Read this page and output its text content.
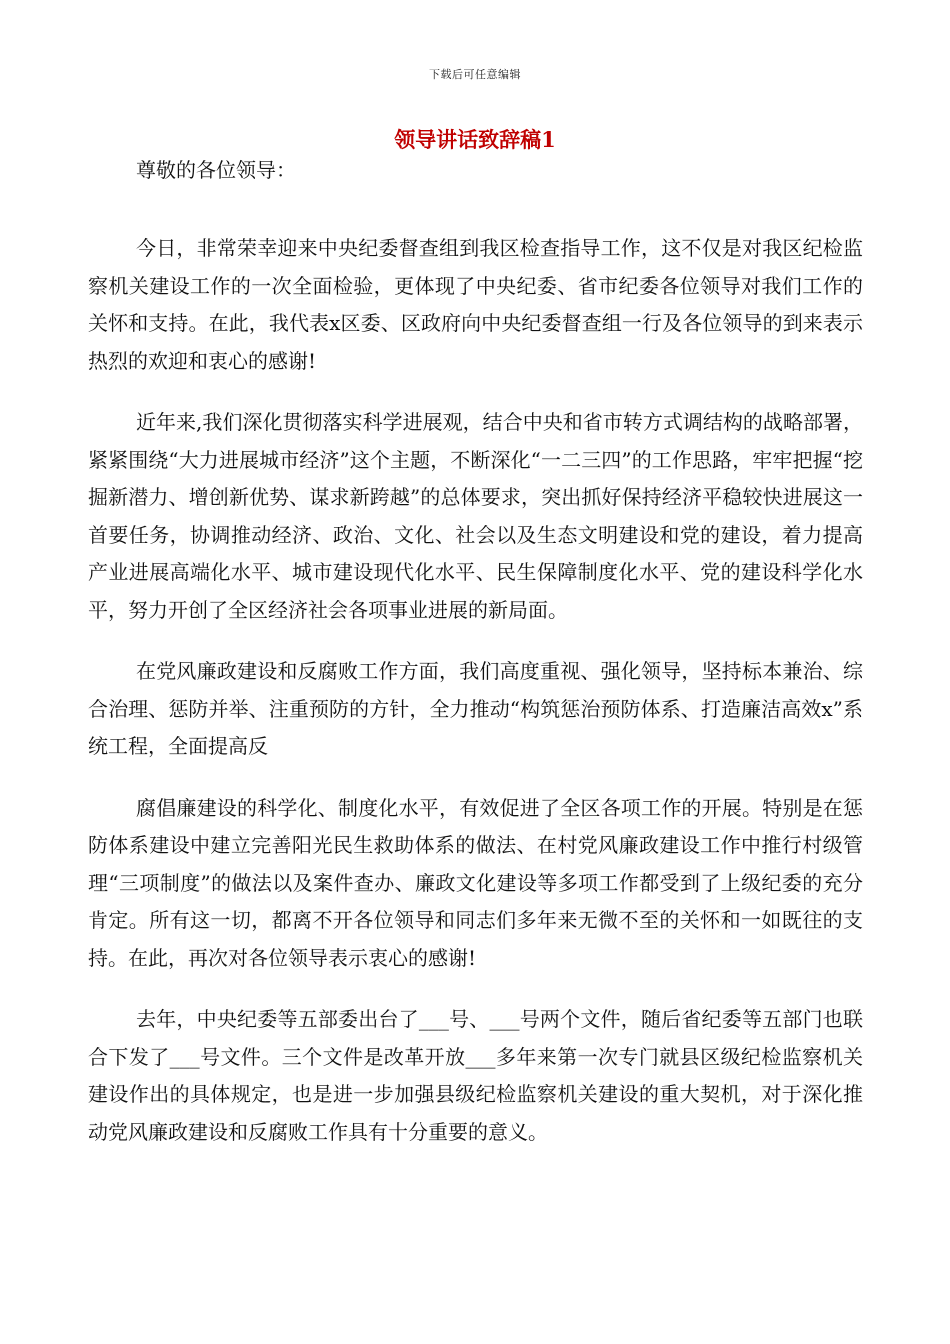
下载后可任意编辑
领导讲话致辞稿1
尊敬的各位领导：

今日，非常荣幸迎来中央纪委督查组到我区检查指导工作，这不仅是对我区纪检监察机关建设工作的一次全面检验，更体现了中央纪委、省市纪委各位领导对我们工作的关怀和支持。在此，我代表x区委、区政府向中央纪委督查组一行及各位领导的到来表示热烈的欢迎和衷心的感谢!

近年来,我们深化贯彻落实科学进展观，结合中央和省市转方式调结构的战略部署，紧紧围绕“大力进展城市经济”这个主题，不断深化“一二三四”的工作思路，牢牢把握“挖掘新潜力、增创新优势、谋求新跨越”的总体要求，突出抓好保持经济平稳较快进展这一首要任务，协调推动经济、政治、文化、社会以及生态文明建设和党的建设，着力提高产业进展高端化水平、城市建设现代化水平、民生保障制度化水平、党的建设科学化水平，努力开创了全区经济社会各项事业进展的新局面。

在党风廉政建设和反腐败工作方面，我们高度重视、强化领导，坚持标本兼治、综合治理、惩防并举、注重预防的方针，全力推动“构筑惩治预防体系、打造廉洁高效x”系统工程，全面提高反

腐倡廉建设的科学化、制度化水平，有效促进了全区各项工作的开展。特别是在惩防体系建设中建立完善阳光民生救助体系的做法、在村党风廉政建设工作中推行村级管理“三项制度”的做法以及案件查办、廉政文化建设等多项工作都受到了上级纪委的充分肯定。所有这一切，都离不开各位领导和同志们多年来无微不至的关怀和一如既往的支持。在此，再次对各位领导表示衷心的感谢!

去年，中央纪委等五部委出台了___号、___号两个文件，随后省纪委等五部门也联合下发了___号文件。三个文件是改革开放___多年来第一次专门就县区级纪检监察机关建设作出的具体规定，也是进一步加强县级纪检监察机关建设的重大契机，对于深化推动党风廉政建设和反腐败工作具有十分重要的意义。
